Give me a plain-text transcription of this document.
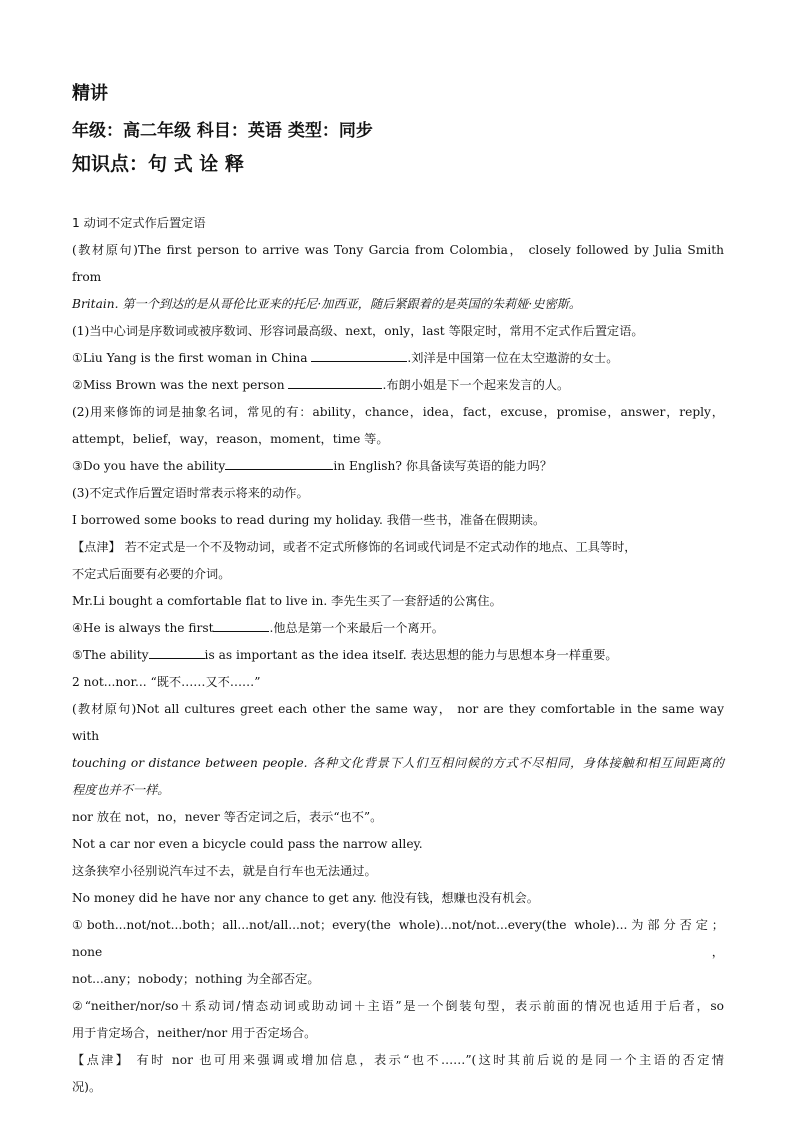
精讲

年级：高二年级 科目：英语 类型：同步

知识点：句 式 诠 释

1 动词不定式作后置定语
(教材原句)The first person to arrive was Tony Garcia from Colombia， closely followed by Julia Smith from
Britain. 第一个到达的是从哥伦比亚来的托尼·加西亚，随后紧跟着的是英国的朱莉娅·史密斯。
(1)当中心词是序数词或被序数词、形容词最高级、next，only，last 等限定时，常用不定式作后置定语。
①Liu Yang is the first woman in China	.刘洋是中国第一位在太空遨游的女士。
②Miss Brown was the next person	.布朗小姐是下一个起来发言的人。
(2)用来修饰的词是抽象名词，常见的有：ability，chance，idea，fact，excuse，promise，answer，reply，
attempt，belief，way，reason，moment，time 等。
③Do you have the ability	in English? 你具备读写英语的能力吗？
(3)不定式作后置定语时常表示将来的动作。
I borrowed some books to read during my holiday. 我借一些书，准备在假期读。
【点津】 若不定式是一个不及物动词，或者不定式所修饰的名词或代词是不定式动作的地点、工具等时，
不定式后面要有必要的介词。
Mr.Li bought a comfortable flat to live in. 李先生买了一套舒适的公寓住。
④He is always the first	.他总是第一个来最后一个离开。
⑤The ability	is as important as the idea itself. 表达思想的能力与思想本身一样重要。
2 not...nor... “既不……又不……”
(教材原句)Not all cultures greet each other the same way， nor are they comfortable in the same way with
touching or distance between people. 各种文化背景下人们互相问候的方式不尽相同，身体接触和相互间距离的
程度也并不一样。
nor 放在 not，no，never 等否定词之后，表示“也不”。
Not a car nor even a bicycle could pass the narrow alley.
这条狭窄小径别说汽车过不去，就是自行车也无法通过。
No money did he have nor any chance to get any. 他没有钱，想赚也没有机会。
①both...not/not...both；all...not/all...not；every(the whole)...not/not...every(the whole)...为部分否定；none，
not...any；nobody；nothing 为全部否定。
②“neither/nor/so＋系动词/情态动词或助动词＋主语”是一个倒装句型，表示前面的情况也适用于后者，so
用于肯定场合，neither/nor 用于否定场合。
【点津】 有时 nor 也可用来强调或增加信息，表示“也不……”(这时其前后说的是同一个主语的否定情
况)。
